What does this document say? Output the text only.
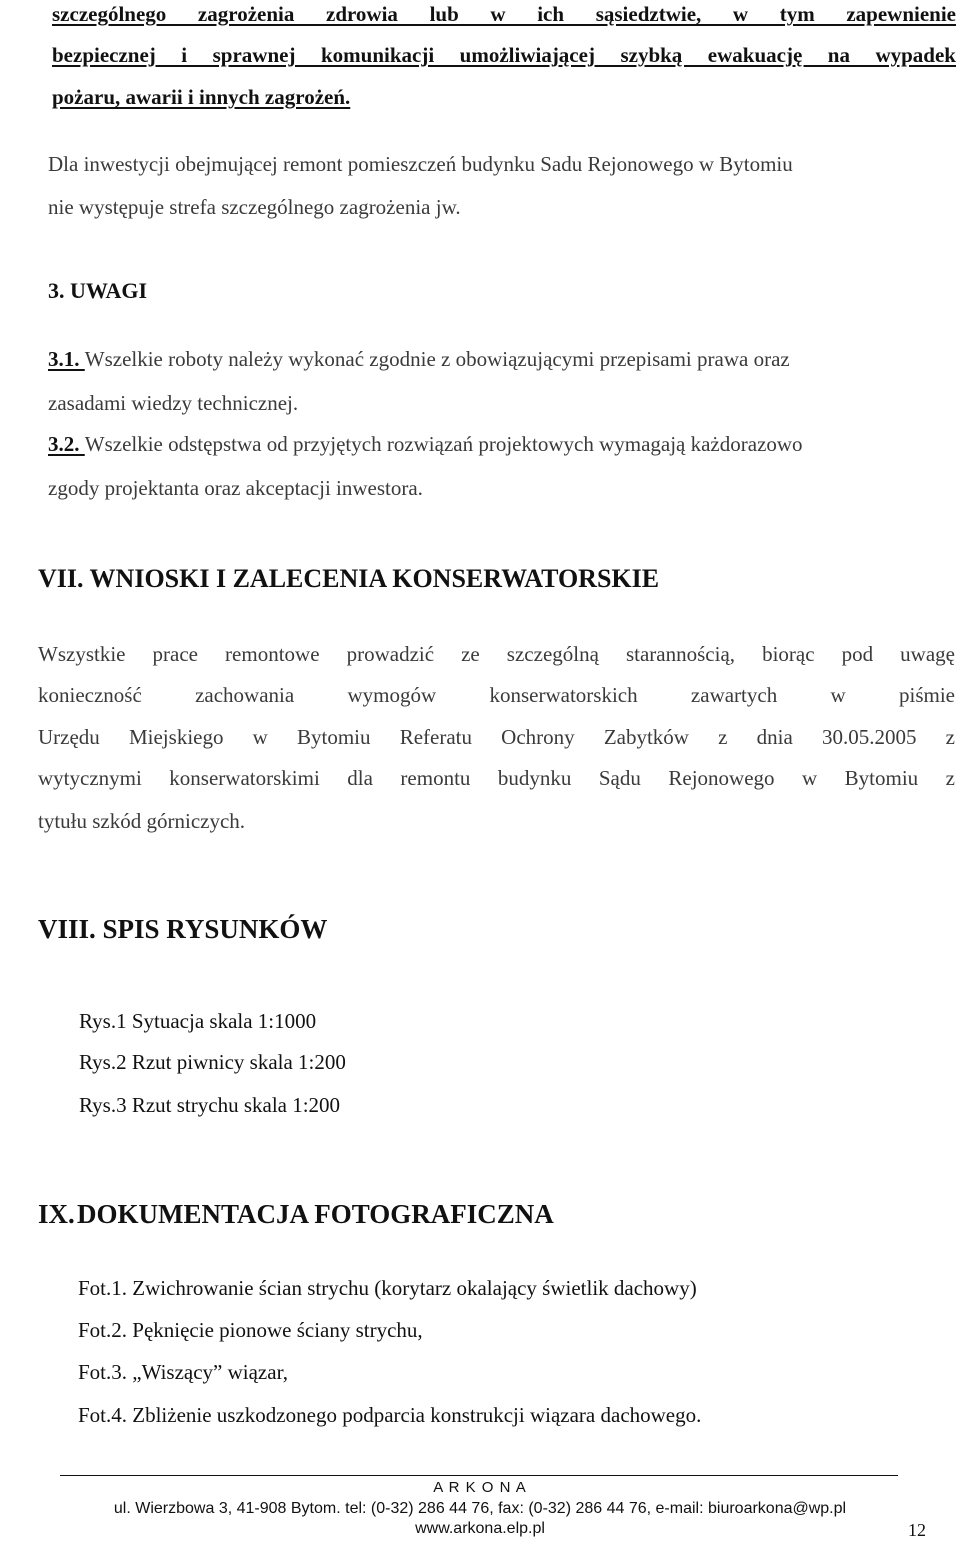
szczególnego zagrożenia zdrowia lub w ich sąsiedztwie, w tym zapewnienie
bezpiecznej i sprawnej komunikacji umożliwiającej szybką ewakuację na wypadek
pożaru, awarii i innych zagrożeń.
Dla inwestycji obejmującej remont pomieszczeń budynku Sadu Rejonowego w Bytomiu
nie występuje strefa szczególnego zagrożenia jw.
3. UWAGI
3.1. Wszelkie roboty należy wykonać zgodnie z obowiązującymi przepisami prawa oraz
zasadami wiedzy technicznej.
3.2. Wszelkie odstępstwa od przyjętych rozwiązań projektowych wymagają każdorazowo
zgody projektanta oraz akceptacji inwestora.
VII. WNIOSKI I ZALECENIA KONSERWATORSKIE
Wszystkie prace remontowe prowadzić ze szczególną starannością, biorąc pod uwagę
konieczność zachowania wymogów konserwatorskich zawartych w piśmie
Urzędu Miejskiego w Bytomiu Referatu Ochrony Zabytków z dnia 30.05.2005 z
wytycznymi konserwatorskimi dla remontu budynku Sądu Rejonowego w Bytomiu z
tytułu szkód górniczych.
VIII. SPIS RYSUNKÓW
Rys.1 Sytuacja skala 1:1000
Rys.2 Rzut piwnicy skala 1:200
Rys.3 Rzut strychu skala 1:200
IX. DOKUMENTACJA FOTOGRAFICZNA
Fot.1. Zwichrowanie ścian strychu (korytarz okalający świetlik dachowy)
Fot.2. Pęknięcie pionowe ściany strychu,
Fot.3. „Wiszący” wiązar,
Fot.4. Zbliżenie uszkodzonego podparcia konstrukcji wiązara dachowego.
A R K O N A
ul. Wierzbowa 3, 41-908 Bytom. tel: (0-32) 286 44 76, fax: (0-32) 286 44 76, e-mail: biuroarkona@wp.pl
www.arkona.elp.pl	12
